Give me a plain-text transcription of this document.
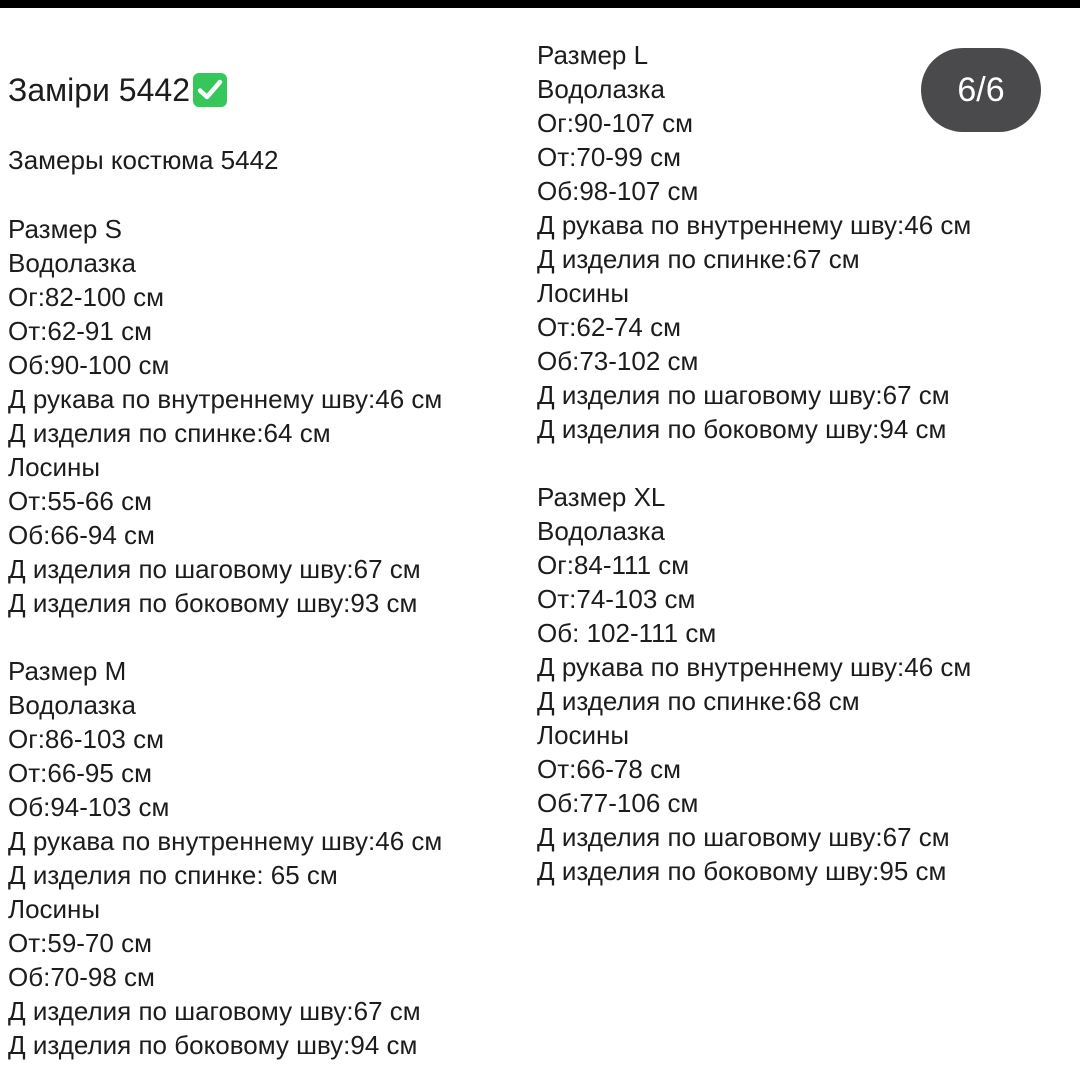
Заміри 5442
Замеры костюма 5442
6/6
Размер S
Водолазка
Ог:82-100 см
От:62-91 см
Об:90-100 см
Д рукава по внутреннему шву:46 см
Д изделия по спинке:64 см
Лосины
От:55-66 см
Об:66-94 см
Д изделия по шаговому шву:67 см
Д изделия по боковому шву:93 см
Размер M
Водолазка
Ог:86-103 см
От:66-95 см
Об:94-103 см
Д рукава по внутреннему шву:46 см
Д изделия по спинке: 65 см
Лосины
От:59-70 см
Об:70-98 см
Д изделия по шаговому шву:67 см
Д изделия по боковому шву:94 см
Размер L
Водолазка
Ог:90-107 см
От:70-99 см
Об:98-107 см
Д рукава по внутреннему шву:46 см
Д изделия по спинке:67 см
Лосины
От:62-74 см
Об:73-102 см
Д изделия по шаговому шву:67 см
Д изделия по боковому шву:94 см
Размер XL
Водолазка
Ог:84-111 см
От:74-103 см
Об: 102-111 см
Д рукава по внутреннему шву:46 см
Д изделия по спинке:68 см
Лосины
От:66-78 см
Об:77-106 см
Д изделия по шаговому шву:67 см
Д изделия по боковому шву:95 см
